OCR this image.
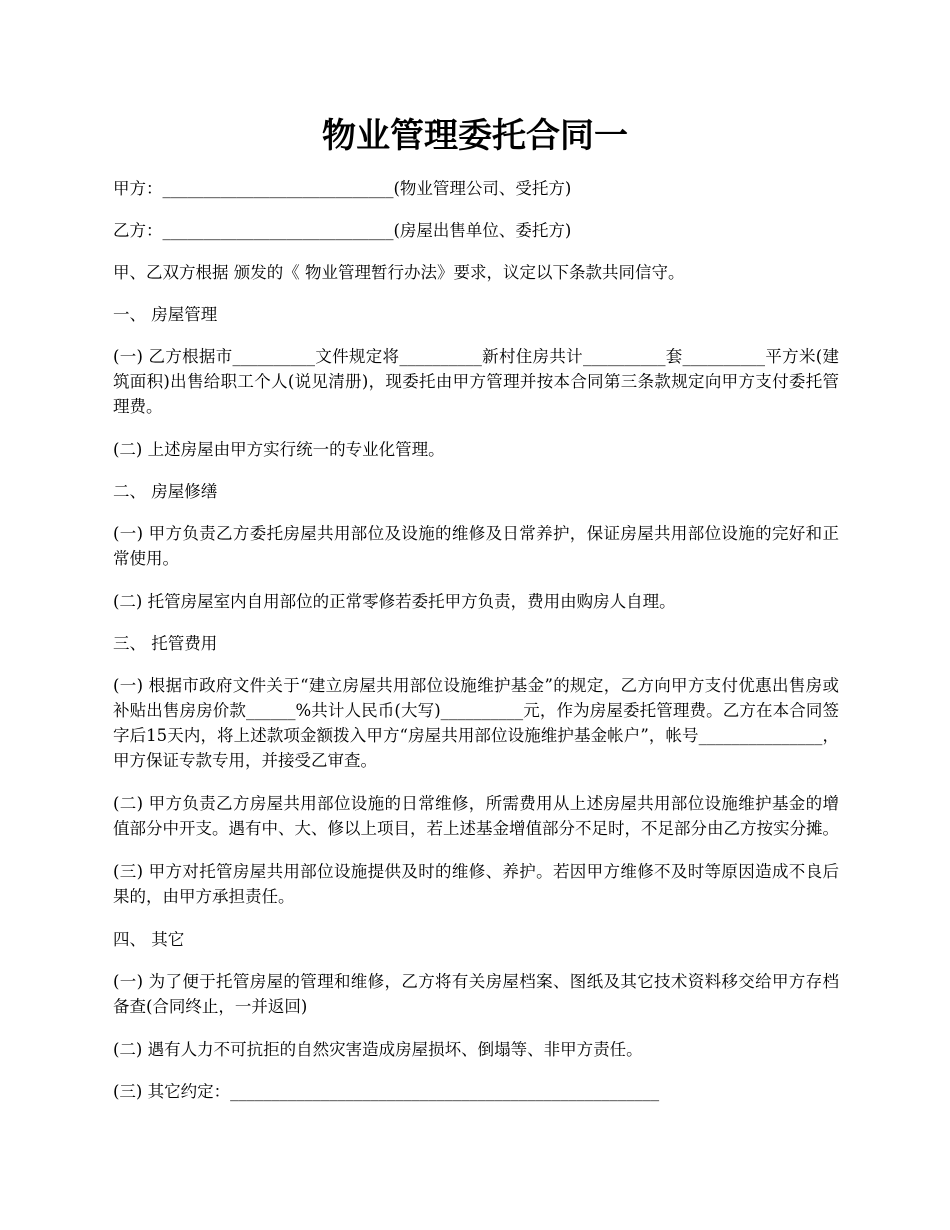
物业管理委托合同一

甲方：____________________________(物业管理公司、受托方)

乙方：____________________________(房屋出售单位、委托方)

甲、乙双方根据 颁发的《 物业管理暂行办法》要求，议定以下条款共同信守。

一、 房屋管理

(一) 乙方根据市__________文件规定将__________新村住房共计__________套__________平方米(建筑面积)出售给职工个人(说见清册)，现委托由甲方管理并按本合同第三条款规定向甲方支付委托管理费。

(二) 上述房屋由甲方实行统一的专业化管理。

二、 房屋修缮

(一) 甲方负责乙方委托房屋共用部位及设施的维修及日常养护，保证房屋共用部位设施的完好和正常使用。

(二) 托管房屋室内自用部位的正常零修若委托甲方负责，费用由购房人自理。

三、 托管费用

(一) 根据市政府文件关于“建立房屋共用部位设施维护基金”的规定，乙方向甲方支付优惠出售房或补贴出售房房价款______%共计人民币(大写)__________元，作为房屋委托管理费。乙方在本合同签字后15天内，将上述款项金额拨入甲方“房屋共用部位设施维护基金帐户”，帐号_______________，甲方保证专款专用，并接受乙审查。

(二) 甲方负责乙方房屋共用部位设施的日常维修，所需费用从上述房屋共用部位设施维护基金的增值部分中开支。遇有中、大、修以上项目，若上述基金增值部分不足时，不足部分由乙方按实分摊。

(三) 甲方对托管房屋共用部位设施提供及时的维修、养护。若因甲方维修不及时等原因造成不良后果的，由甲方承担责任。

四、 其它

(一) 为了便于托管房屋的管理和维修，乙方将有关房屋档案、图纸及其它技术资料移交给甲方存档备查(合同终止，一并返回)

(二) 遇有人力不可抗拒的自然灾害造成房屋损坏、倒塌等、非甲方责任。

(三) 其它约定：____________________________________________________
